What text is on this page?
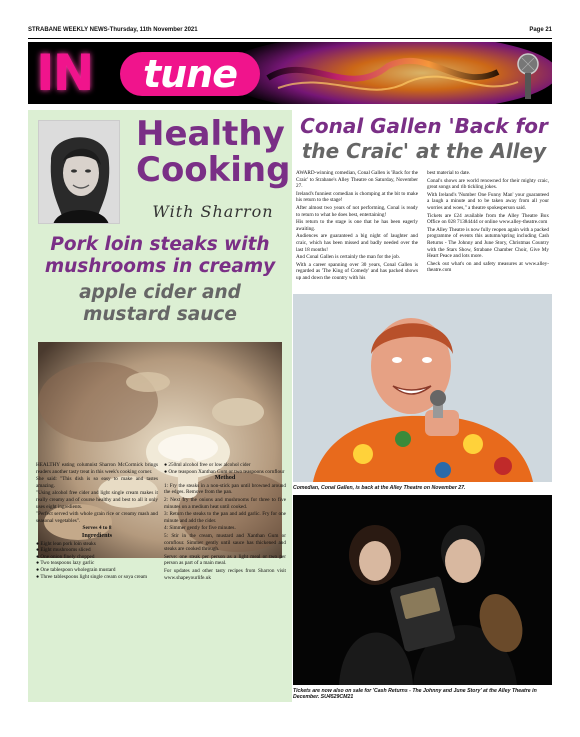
STRABANE WEEKLY NEWS-Thursday, 11th November 2021	Page 21
IN	tune
Healthy
Cooking
With Sharron
Pork loin steaks with mushrooms in creamy
apple cider and mustard sauce

HEALTHY eating columnist Sharron McCormick brings readers another tasty treat in this week's cooking corner.

She said: "This dish is so easy to make and tastes amazing.

"Using alcohol free cider and light single cream makes it really creamy and of course healthy and best to all it only uses eight ingredients.

"Perfect served with whole grain rice or creamy mash and seasonal vegetables".

Serves 4 to 8

Ingredients

● Eight lean pork loin steaks
● Eight mushrooms sliced
● One onion finely chopped
● Two teaspoons lazy garlic
● One tablespoon wholegrain mustard
● Three tablespoons light single cream or soya cream
● 250ml alcohol free or low alcohol cider
● One teaspoon Xanthan Gum or two teaspoons cornflour

Method

1: Fry the steaks in a non-stick pan until browned around the edges. Remove from the pan.

2: Next fry the onions and mushrooms for three to five minutes on a medium heat until cooked.

3: Return the steaks to the pan and add garlic. Fry for one minute and add the cider.

4: Simmer gently for five minutes.

5: Stir in the cream, mustard and Xanthan Gum or cornflour. Simmer gently until sauce has thickened and steaks are cooked through.

Serve: one steak per person as a light meal or two per person as part of a main meal.

For updates and other tasty recipes from Sharron visit www.shapeyourlife.uk

Conal Gallen 'Back for
the Craic' at the Alley

AWARD-winning comedian, Conal Gallen is 'Back for the Craic' to Strabane's Alley Theatre on Saturday, November 27.

Ireland's funniest comedian is chomping at the bit to make his return to the stage!

After almost two years of not performing, Conal is ready to return to what he does best, entertaining!

His return to the stage is one that he has been eagerly awaiting.

Audiences are guaranteed a big night of laughter and craic, which has been missed and badly needed over the last 18 months!

And Conal Gallen is certainly the man for the job.

With a career spanning over 30 years, Conal Gallen is regarded as 'The King of Comedy' and has packed shows up and down the country with his

best material to date.

Conal's shows are world renowned for their mighty craic, great songs and rib tickling jokes.

With Ireland's 'Number One Funny Man' your guaranteed a laugh a minute and to be taken away from all your worries and woes," a theatre spokesperson said.

Tickets are £24 available from the Alley Theatre Box Office on 028 71384444 or online www.alley-theatre.com

The Alley Theatre is now fully reopen again with a packed programme of events this autumn/spring including Cash Returns - The Johnny and June Story, Christmas Country with the Stars Show, Strabane Chamber Choir, Give My Heart Peace and lots more.

Check out what's on and safety measures at www.alley-theatre.com

Comedian, Conal Gallen, is back at the Alley Theatre on November 27.
Tickets are now also on sale for 'Cash Returns - The Johnny and June Story' at the Alley Theatre in December. SU4529CM21
